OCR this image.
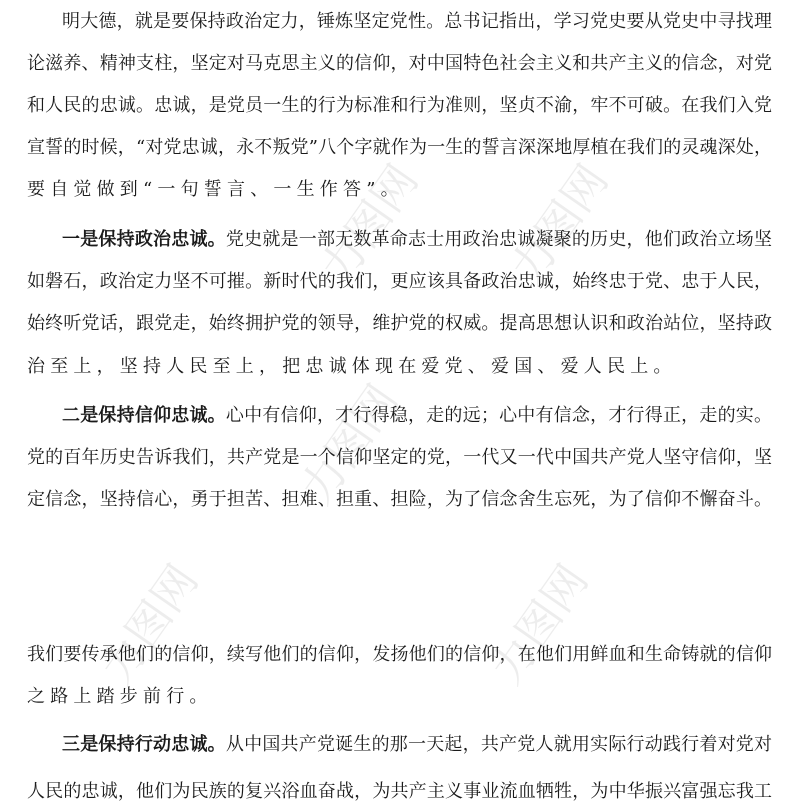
力图网 力图网
力图网
力图网	力图网
明大德，就是要保持政治定力，锤炼坚定党性。总书记指出，学习党史要从党史中寻找理
论滋养、精神支柱，坚定对马克思主义的信仰，对中国特色社会主义和共产主义的信念，对党
和人民的忠诚。忠诚，是党员一生的行为标准和行为准则，坚贞不渝，牢不可破。在我们入党
宣誓的时候，“对党忠诚，永不叛党”八个字就作为一生的誓言深深地厚植在我们的灵魂深处，
要自觉做到“一句誓言、一生作答”。
一是保持政治忠诚。党史就是一部无数革命志士用政治忠诚凝聚的历史，他们政治立场坚
如磐石，政治定力坚不可摧。新时代的我们，更应该具备政治忠诚，始终忠于党、忠于人民，
始终听党话，跟党走，始终拥护党的领导，维护党的权威。提高思想认识和政治站位，坚持政
治至上，坚持人民至上，把忠诚体现在爱党、爱国、爱人民上。
二是保持信仰忠诚。心中有信仰，才行得稳，走的远；心中有信念，才行得正，走的实。
党的百年历史告诉我们，共产党是一个信仰坚定的党，一代又一代中国共产党人坚守信仰，坚
定信念，坚持信心，勇于担苦、担难、担重、担险，为了信念舍生忘死，为了信仰不懈奋斗。
我们要传承他们的信仰，续写他们的信仰，发扬他们的信仰，在他们用鲜血和生命铸就的信仰
之路上踏步前行。
三是保持行动忠诚。从中国共产党诞生的那一天起，共产党人就用实际行动践行着对党对
人民的忠诚，他们为民族的复兴浴血奋战，为共产主义事业流血牺牲，为中华振兴富强忘我工
